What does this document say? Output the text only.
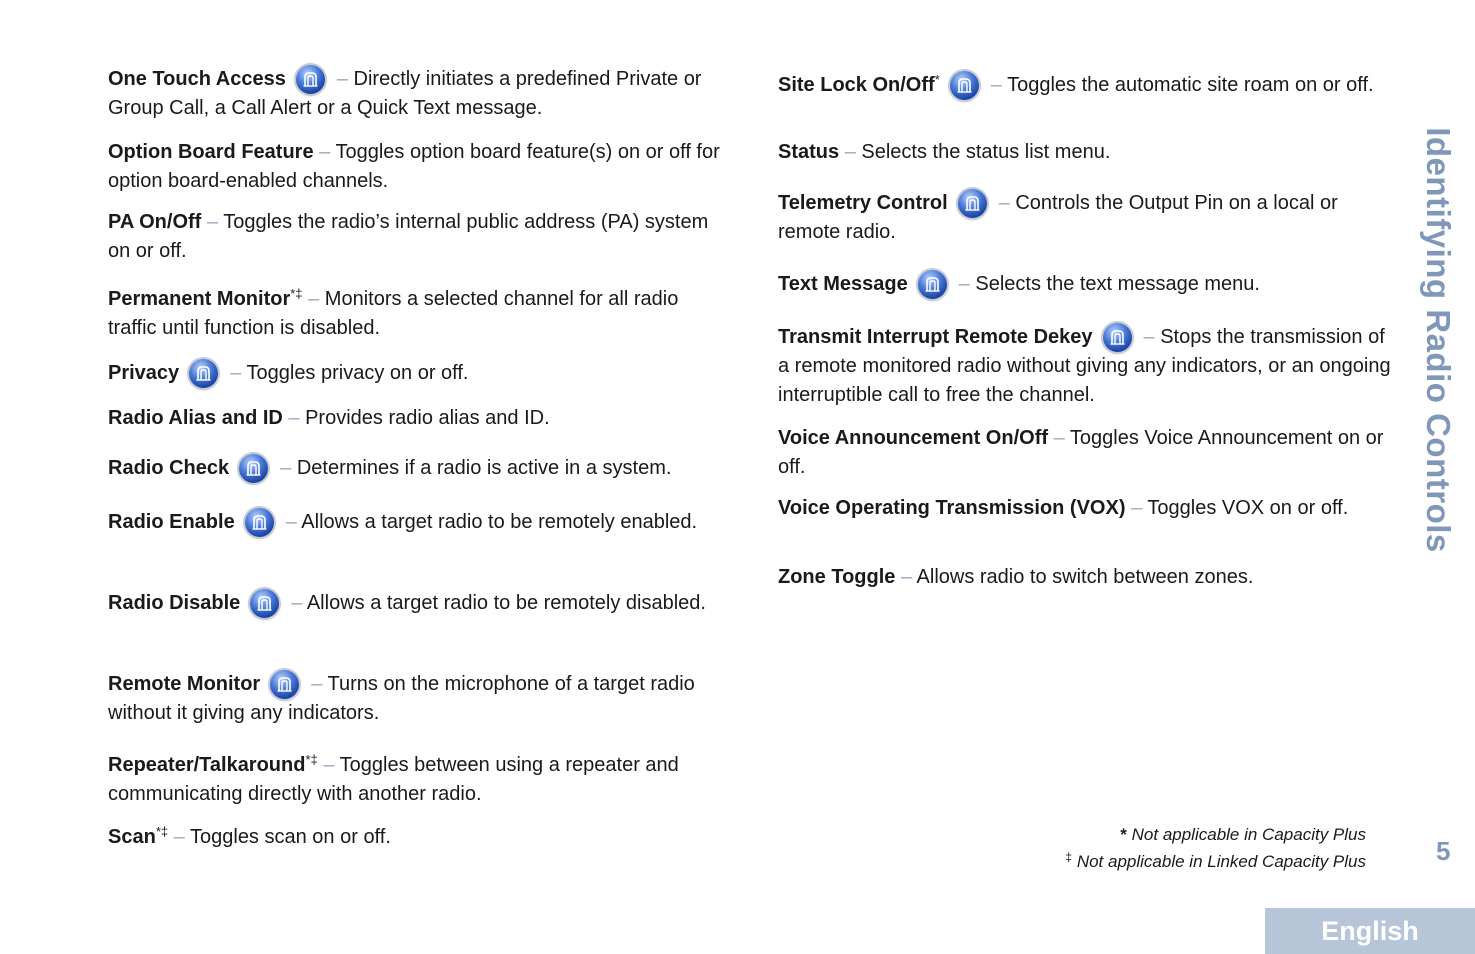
One Touch Access	– Directly initiates a predefined Private or Group Call, a Call Alert or a Quick Text message.

Option Board Feature – Toggles option board feature(s) on or off for option board-enabled channels.

PA On/Off – Toggles the radio’s internal public address (PA) system on or off.

Permanent Monitor*‡ – Monitors a selected channel for all radio traffic until function is disabled.

Privacy	– Toggles privacy on or off.

Radio Alias and ID – Provides radio alias and ID.

Radio Check	– Determines if a radio is active in a system.

Radio Enable	– Allows a target radio to be remotely enabled.

Radio Disable	– Allows a target radio to be remotely disabled.

Remote Monitor	– Turns on the microphone of a target radio without it giving any indicators.

Repeater/Talkaround*‡ – Toggles between using a repeater and communicating directly with another radio.

Scan*‡ – Toggles scan on or off.

Site Lock On/Off*	– Toggles the automatic site roam on or off.

Status – Selects the status list menu.

Telemetry Control	– Controls the Output Pin on a local or remote radio.

Text Message	– Selects the text message menu.

Transmit Interrupt Remote Dekey	– Stops the transmission of a remote monitored radio without giving any indicators, or an ongoing interruptible call to free the channel.

Voice Announcement On/Off – Toggles Voice Announcement on or off.

Voice Operating Transmission (VOX) – Toggles VOX on or off.

Zone Toggle – Allows radio to switch between zones.

Identifying Radio Controls
5
* Not applicable in Capacity Plus
‡ Not applicable in Linked Capacity Plus
English
